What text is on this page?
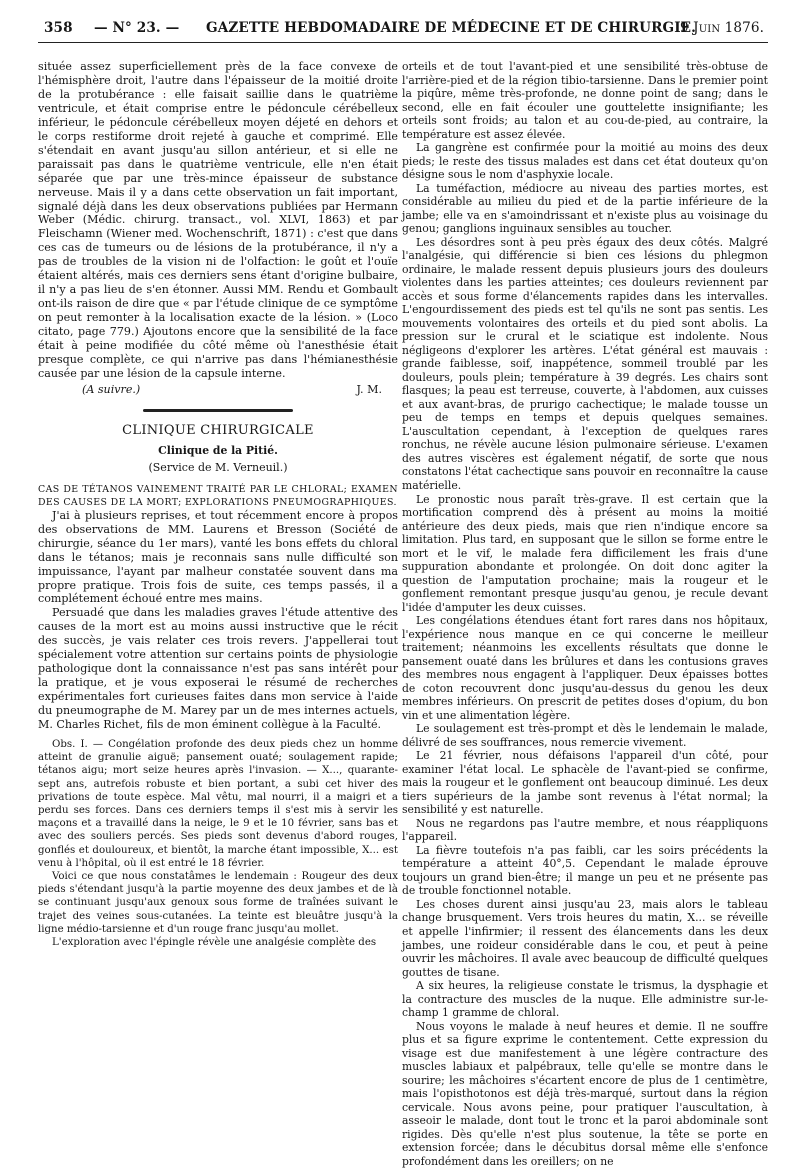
358 — N° 23. — GAZETTE HEBDOMADAIRE DE MÉDECINE ET DE CHIRURGIE.
9 Juin 1876.

située assez superficiellement près de la face convexe de l'hémisphère droit, l'autre dans l'épaisseur de la moitié droite de la protubérance : elle faisait saillie dans le quatrième ventricule, et était comprise entre le pédoncule cérébelleux inférieur, le pédoncule cérébelleux moyen déjeté en dehors et le corps restiforme droit rejeté à gauche et comprimé. Elle s'étendait en avant jusqu'au sillon antérieur, et si elle ne paraissait pas dans le quatrième ventricule, elle n'en était séparée que par une très-mince épaisseur de substance nerveuse. Mais il y a dans cette observation un fait important, signalé déjà dans les deux observations publiées par Hermann Weber (Médic. chirurg. transact., vol. XLVI, 1863) et par Fleischamn (Wiener med. Wochenschrift, 1871) : c'est que dans ces cas de tumeurs ou de lésions de la protubérance, il n'y a pas de troubles de la vision ni de l'olfaction: le goût et l'ouïe étaient altérés, mais ces derniers sens étant d'origine bulbaire, il n'y a pas lieu de s'en étonner. Aussi MM. Rendu et Gombault ont-ils raison de dire que « par l'étude clinique de ce symptôme on peut remonter à la localisation exacte de la lésion. » (Loco citato, page 779.) Ajoutons encore que la sensibilité de la face était à peine modifiée du côté même où l'anesthésie était presque complète, ce qui n'arrive pas dans l'hémianesthésie causée par une lésion de la capsule interne.

(A suivre.)	J. M.
CLINIQUE CHIRURGICALE
Clinique de la Pitié.
(Service de M. Verneuil.)

CAS DE TÉTANOS VAINEMENT TRAITÉ PAR LE CHLORAL; EXAMEN DES CAUSES DE LA MORT; EXPLORATIONS PNEUMOGRAPHIQUES.

J'ai à plusieurs reprises, et tout récemment encore à propos des observations de MM. Laurens et Bresson (Société de chirurgie, séance du 1er mars), vanté les bons effets du chloral dans le tétanos; mais je reconnais sans nulle difficulté son impuissance, l'ayant par malheur constatée souvent dans ma propre pratique. Trois fois de suite, ces temps passés, il a complétement échoué entre mes mains.

Persuadé que dans les maladies graves l'étude attentive des causes de la mort est au moins aussi instructive que le récit des succès, je vais relater ces trois revers. J'appellerai tout spécialement votre attention sur certains points de physiologie pathologique dont la connaissance n'est pas sans intérêt pour la pratique, et je vous exposerai le résumé de recherches expérimentales fort curieuses faites dans mon service à l'aide du pneumographe de M. Marey par un de mes internes actuels, M. Charles Richet, fils de mon éminent collègue à la Faculté.

Obs. I. — Congélation profonde des deux pieds chez un homme atteint de granulie aiguë; pansement ouaté; soulagement rapide; tétanos aigu; mort seize heures après l'invasion. — X..., quarante-sept ans, autrefois robuste et bien portant, a subi cet hiver des privations de toute espèce. Mal vêtu, mal nourri, il a maigri et a perdu ses forces. Dans ces derniers temps il s'est mis à servir les maçons et a travaillé dans la neige, le 9 et le 10 février, sans bas et avec des souliers percés. Ses pieds sont devenus d'abord rouges, gonflés et douloureux, et bientôt, la marche étant impossible, X... est venu à l'hôpital, où il est entré le 18 février.

Voici ce que nous constatâmes le lendemain : Rougeur des deux pieds s'étendant jusqu'à la partie moyenne des deux jambes et de là se continuant jusqu'aux genoux sous forme de traînées suivant le trajet des veines sous-cutanées. La teinte est bleuâtre jusqu'à la ligne médio-tarsienne et d'un rouge franc jusqu'au mollet.

L'exploration avec l'épingle révèle une analgésie complète des

orteils et de tout l'avant-pied et une sensibilité très-obtuse de l'arrière-pied et de la région tibio-tarsienne. Dans le premier point la piqûre, même très-profonde, ne donne point de sang; dans le second, elle en fait écouler une gouttelette insignifiante; les orteils sont froids; au talon et au cou-de-pied, au contraire, la température est assez élevée.

La gangrène est confirmée pour la moitié au moins des deux pieds; le reste des tissus malades est dans cet état douteux qu'on désigne sous le nom d'asphyxie locale.

La tuméfaction, médiocre au niveau des parties mortes, est considérable au milieu du pied et de la partie inférieure de la jambe; elle va en s'amoindrissant et n'existe plus au voisinage du genou; ganglions inguinaux sensibles au toucher.

Les désordres sont à peu près égaux des deux côtés. Malgré l'analgésie, qui différencie si bien ces lésions du phlegmon ordinaire, le malade ressent depuis plusieurs jours des douleurs violentes dans les parties atteintes; ces douleurs reviennent par accès et sous forme d'élancements rapides dans les intervalles. L'engourdissement des pieds est tel qu'ils ne sont pas sentis. Les mouvements volontaires des orteils et du pied sont abolis. La pression sur le crural et le sciatique est indolente. Nous négligeons d'explorer les artères. L'état général est mauvais : grande faiblesse, soif, inappétence, sommeil troublé par les douleurs, pouls plein; température à 39 degrés. Les chairs sont flasques; la peau est terreuse, couverte, à l'abdomen, aux cuisses et aux avant-bras, de prurigo cachectique; le malade tousse un peu de temps en temps et depuis quelques semaines. L'auscultation cependant, à l'exception de quelques rares ronchus, ne révèle aucune lésion pulmonaire sérieuse. L'examen des autres viscères est également négatif, de sorte que nous constatons l'état cachectique sans pouvoir en reconnaître la cause matérielle.

Le pronostic nous paraît très-grave. Il est certain que la mortification comprend dès à présent au moins la moitié antérieure des deux pieds, mais que rien n'indique encore sa limitation. Plus tard, en supposant que le sillon se forme entre le mort et le vif, le malade fera difficilement les frais d'une suppuration abondante et prolongée. On doit donc agiter la question de l'amputation prochaine; mais la rougeur et le gonflement remontant presque jusqu'au genou, je recule devant l'idée d'amputer les deux cuisses.

Les congélations étendues étant fort rares dans nos hôpitaux, l'expérience nous manque en ce qui concerne le meilleur traitement; néanmoins les excellents résultats que donne le pansement ouaté dans les brûlures et dans les contusions graves des membres nous engagent à l'appliquer. Deux épaisses bottes de coton recouvrent donc jusqu'au-dessus du genou les deux membres inférieurs. On prescrit de petites doses d'opium, du bon vin et une alimentation légère.

Le soulagement est très-prompt et dès le lendemain le malade, délivré de ses souffrances, nous remercie vivement.

Le 21 février, nous défaisons l'appareil d'un côté, pour examiner l'état local. Le sphacèle de l'avant-pied se confirme, mais la rougeur et le gonflement ont beaucoup diminué. Les deux tiers supérieurs de la jambe sont revenus à l'état normal; la sensibilité y est naturelle.

Nous ne regardons pas l'autre membre, et nous réappliquons l'appareil.

La fièvre toutefois n'a pas faibli, car les soirs précédents la température a atteint 40°,5. Cependant le malade éprouve toujours un grand bien-être; il mange un peu et ne présente pas de trouble fonctionnel notable.

Les choses durent ainsi jusqu'au 23, mais alors le tableau change brusquement. Vers trois heures du matin, X... se réveille et appelle l'infirmier; il ressent des élancements dans les deux jambes, une roideur considérable dans le cou, et peut à peine ouvrir les mâchoires. Il avale avec beaucoup de difficulté quelques gouttes de tisane.

A six heures, la religieuse constate le trismus, la dysphagie et la contracture des muscles de la nuque. Elle administre sur-le-champ 1 gramme de chloral.

Nous voyons le malade à neuf heures et demie. Il ne souffre plus et sa figure exprime le contentement. Cette expression du visage est due manifestement à une légère contracture des muscles labiaux et palpébraux, telle qu'elle se montre dans le sourire; les mâchoires s'écartent encore de plus de 1 centimètre, mais l'opisthotonos est déjà très-marqué, surtout dans la région cervicale. Nous avons peine, pour pratiquer l'auscultation, à asseoir le malade, dont tout le tronc et la paroi abdominale sont rigides. Dès qu'elle n'est plus soutenue, la tête se porte en extension forcée; dans le décubitus dorsal même elle s'enfonce profondément dans les oreillers; on ne
